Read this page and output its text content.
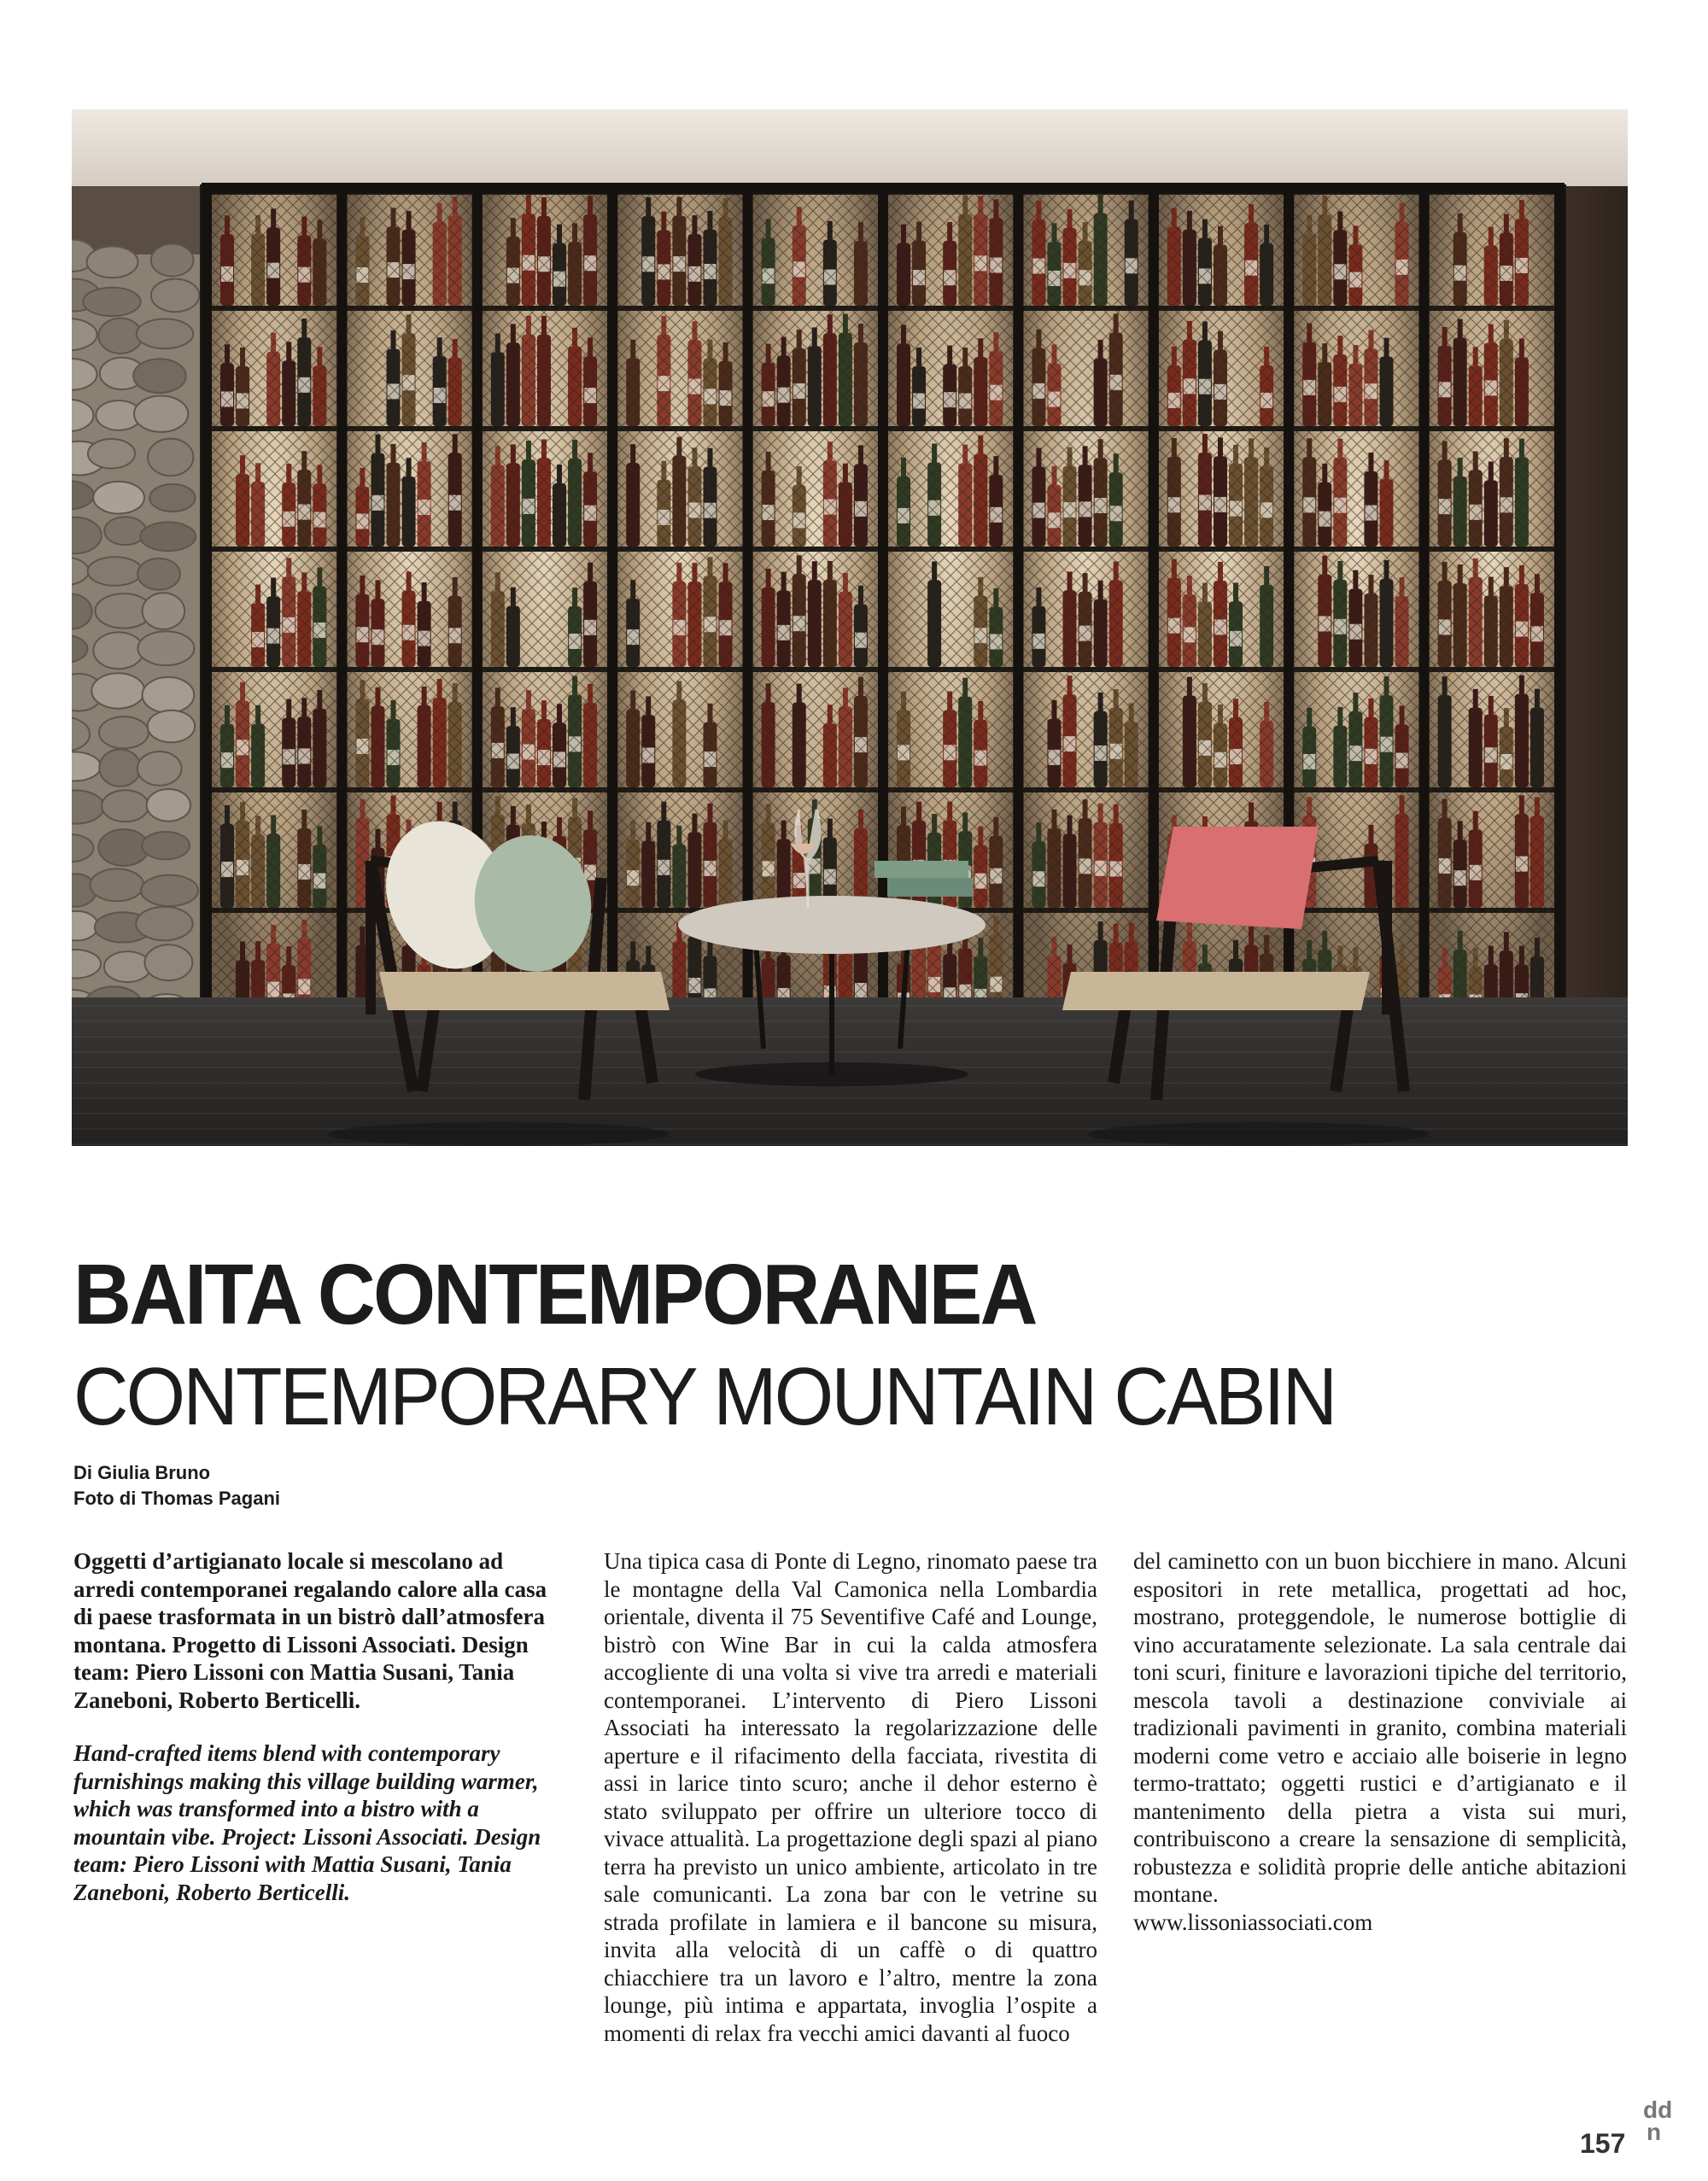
BAITA CONTEMPORANEA
CONTEMPORARY MOUNTAIN CABIN
Di Giulia Bruno
Foto di Thomas Pagani

Oggetti d’artigianato locale si mescolano ad arredi contemporanei regalando calore alla casa di paese trasformata in un bistrò dall’atmosfera montana. Progetto di Lissoni Associati. Design team: Piero Lissoni con Mattia Susani, Tania Zaneboni, Roberto Berticelli.

Hand-crafted items blend with contemporary furnishings making this village building warmer, which was transformed into a bistro with a mountain vibe. Project: Lissoni Associati. Design team: Piero Lissoni with Mattia Susani, Tania Zaneboni, Roberto Berticelli.

Una tipica casa di Ponte di Legno, rinomato paese tra le montagne della Val Camonica nella Lombardia orientale, diventa il 75 Seventifive Café and Lounge, bistrò con Wine Bar in cui la calda atmosfera accogliente di una volta si vive tra arredi e materiali contemporanei. L’intervento di Piero Lissoni Associati ha interessato la regolarizzazione delle aperture e il rifacimento della facciata, rivestita di assi in larice tinto scuro; anche il dehor esterno è stato sviluppato per offrire un ulteriore tocco di vivace attualità. La progettazione degli spazi al piano terra ha previsto un unico ambiente, articolato in tre sale comunicanti. La zona bar con le vetrine su strada profilate in lamiera e il bancone su misura, invita alla velocità di un caffè o di quattro chiacchiere tra un lavoro e l’altro, mentre la zona lounge, più intima e appartata, invoglia l’ospite a momenti di relax fra vecchi amici davanti al fuoco

del caminetto con un buon bicchiere in mano. Alcuni espositori in rete metallica, progettati ad hoc, mostrano, proteggendole, le numerose bottiglie di vino accuratamente selezionate. La sala centrale dai toni scuri, finiture e lavorazioni tipiche del territorio, mescola tavoli a destinazione conviviale ai tradizionali pavimenti in granito, combina materiali moderni come vetro e acciaio alle boiserie in legno termo-trattato; oggetti rustici e d’artigianato e il mantenimento della pietra a vista sui muri, contribuiscono a creare la sensazione di semplicità, robustezza e solidità proprie delle antiche abitazioni montane.

www.lissoniassociati.com

dd
n
157
